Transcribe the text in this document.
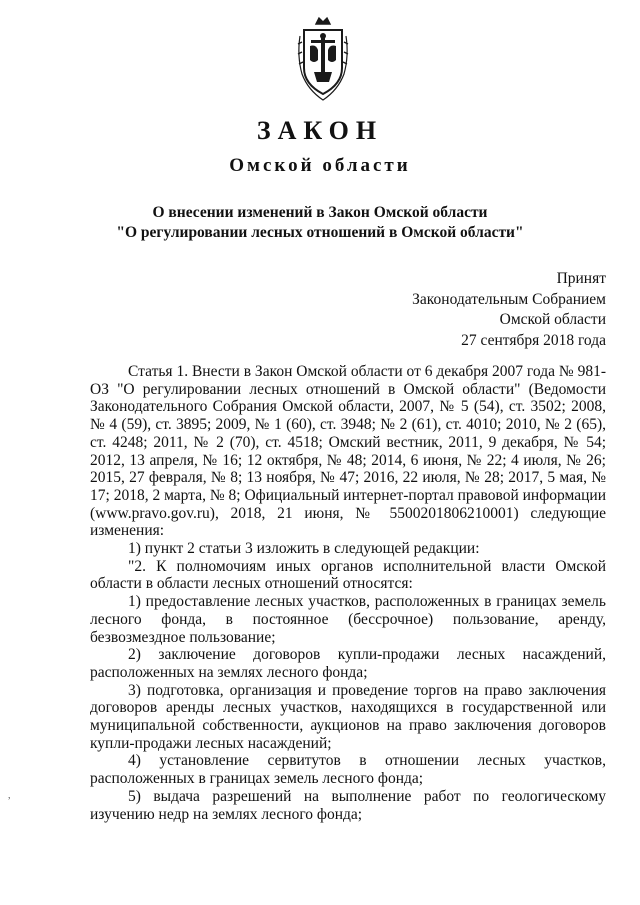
ЗАКОН
Омской области
О внесении изменений в Закон Омской области
"О регулировании лесных отношений в Омской области"
Принят
Законодательным Собранием
Омской области
27 сентября 2018 года

Статья 1. Внести в Закон Омской области от 6 декабря 2007 года № 981-ОЗ "О регулировании лесных отношений в Омской области" (Ведомости Законодательного Собрания Омской области, 2007, № 5 (54), ст. 3502; 2008, № 4 (59), ст. 3895; 2009, № 1 (60), ст. 3948; № 2 (61), ст. 4010; 2010, № 2 (65), ст. 4248; 2011, № 2 (70), ст. 4518; Омский вестник, 2011, 9 декабря, № 54; 2012, 13 апреля, № 16; 12 октября, № 48; 2014, 6 июня, № 22; 4 июля, № 26; 2015, 27 февраля, № 8; 13 ноября, № 47; 2016, 22 июля, № 28; 2017, 5 мая, № 17; 2018, 2 марта, № 8; Официальный интернет-портал правовой информации (www.pravo.gov.ru), 2018, 21 июня, № 5500201806210001) следующие изменения:

1) пункт 2 статьи 3 изложить в следующей редакции:

"2. К полномочиям иных органов исполнительной власти Омской области в области лесных отношений относятся:

1) предоставление лесных участков, расположенных в границах земель лесного фонда, в постоянное (бессрочное) пользование, аренду, безвозмездное пользование;

2) заключение договоров купли-продажи лесных насаждений, расположенных на землях лесного фонда;

3) подготовка, организация и проведение торгов на право заключения договоров аренды лесных участков, находящихся в государственной или муниципальной собственности, аукционов на право заключения договоров купли-продажи лесных насаждений;

4) установление сервитутов в отношении лесных участков, расположенных в границах земель лесного фонда;

5) выдача разрешений на выполнение работ по геологическому изучению недр на землях лесного фонда;

,
